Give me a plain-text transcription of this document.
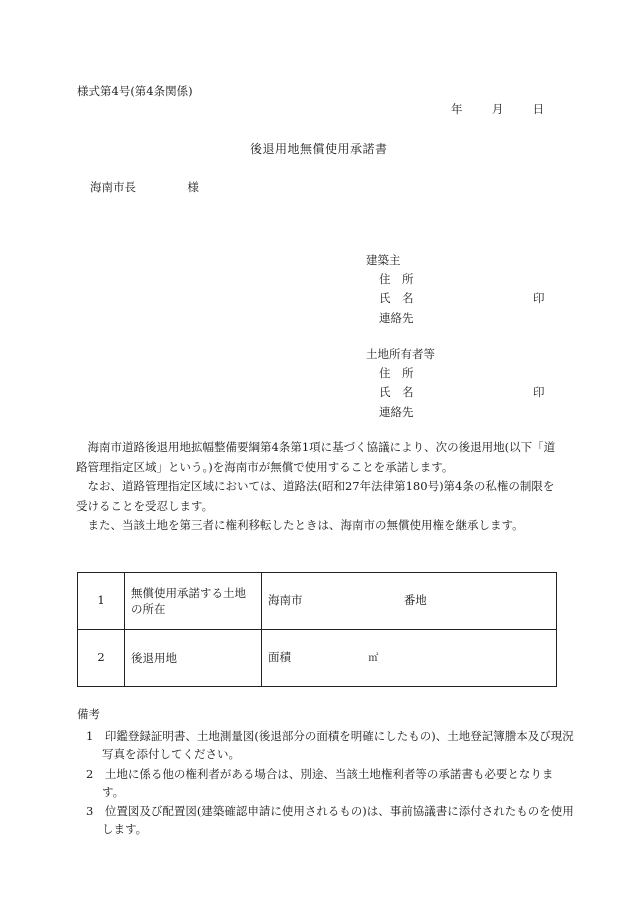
様式第4号(第4条関係)
年	月	日
後退用地無償使用承諾書
海南市長	様
建築主
住　所
氏　名	印
連絡先
土地所有者等
住　所
氏　名	印
連絡先

海南市道路後退用地拡幅整備要綱第4条第1項に基づく協議により、次の後退用地(以下「道路管理指定区域」という。)を海南市が無償で使用することを承諾します。

なお、道路管理指定区域においては、道路法(昭和27年法律第180号)第4条の私権の制限を受けることを受忍します。

また、当該土地を第三者に権利移転したときは、海南市の無償使用権を継承します。

1	無償使用承諾する土地の所在	海南市 番地
2	後退用地	面積 ㎡
備考
1　 印鑑登録証明書、土地測量図(後退部分の面積を明確にしたもの)、土地登記簿謄本及び現況写真を添付してください。
2　 土地に係る他の権利者がある場合は、別途、当該土地権利者等の承諾書も必要となります。
3　 位置図及び配置図(建築確認申請に使用されるもの)は、事前協議書に添付されたものを使用します。
